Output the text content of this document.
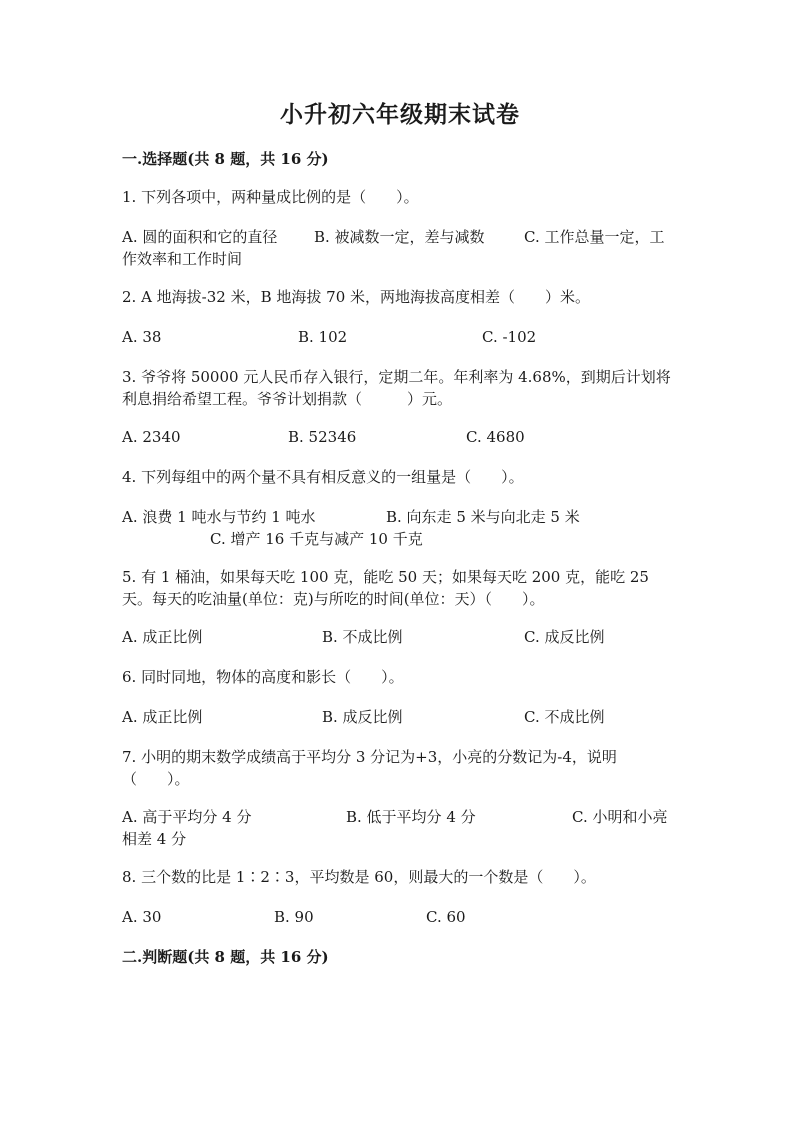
小升初六年级期末试卷
一.选择题(共 8 题，共 16 分)
1. 下列各项中，两种量成比例的是（　　）。
A. 圆的面积和它的直径 B. 被减数一定，差与减数	C. 工作总量一定，工作效率和工作时间
2. A 地海拔-32 米，B 地海拔 70 米，两地海拔高度相差（　　）米。
A. 38	B. 102	C. -102
3. 爷爷将 50000 元人民币存入银行，定期二年。年利率为 4.68%，到期后计划将利息捐给希望工程。爷爷计划捐款（　　　）元。
A. 2340	B. 52346	C. 4680
4. 下列每组中的两个量不具有相反意义的一组量是（　　）。
A. 浪费 1 吨水与节约 1 吨水	B. 向东走 5 米与向北走 5 米
C. 增产 16 千克与减产 10 千克
5. 有 1 桶油，如果每天吃 100 克，能吃 50 天；如果每天吃 200 克，能吃 25 天。每天的吃油量(单位：克)与所吃的时间(单位：天）（　　）。
A. 成正比例	B. 不成比例	C. 成反比例
6. 同时同地，物体的高度和影长（　　）。
A. 成正比例	B. 成反比例	C. 不成比例
7. 小明的期末数学成绩高于平均分 3 分记为+3，小亮的分数记为-4，说明（　　）。
A. 高于平均分 4 分	B. 低于平均分 4 分	C. 小明和小亮相差 4 分
8. 三个数的比是 1∶2∶3，平均数是 60，则最大的一个数是（　　）。
A. 30	B. 90	C. 60
二.判断题(共 8 题，共 16 分)
